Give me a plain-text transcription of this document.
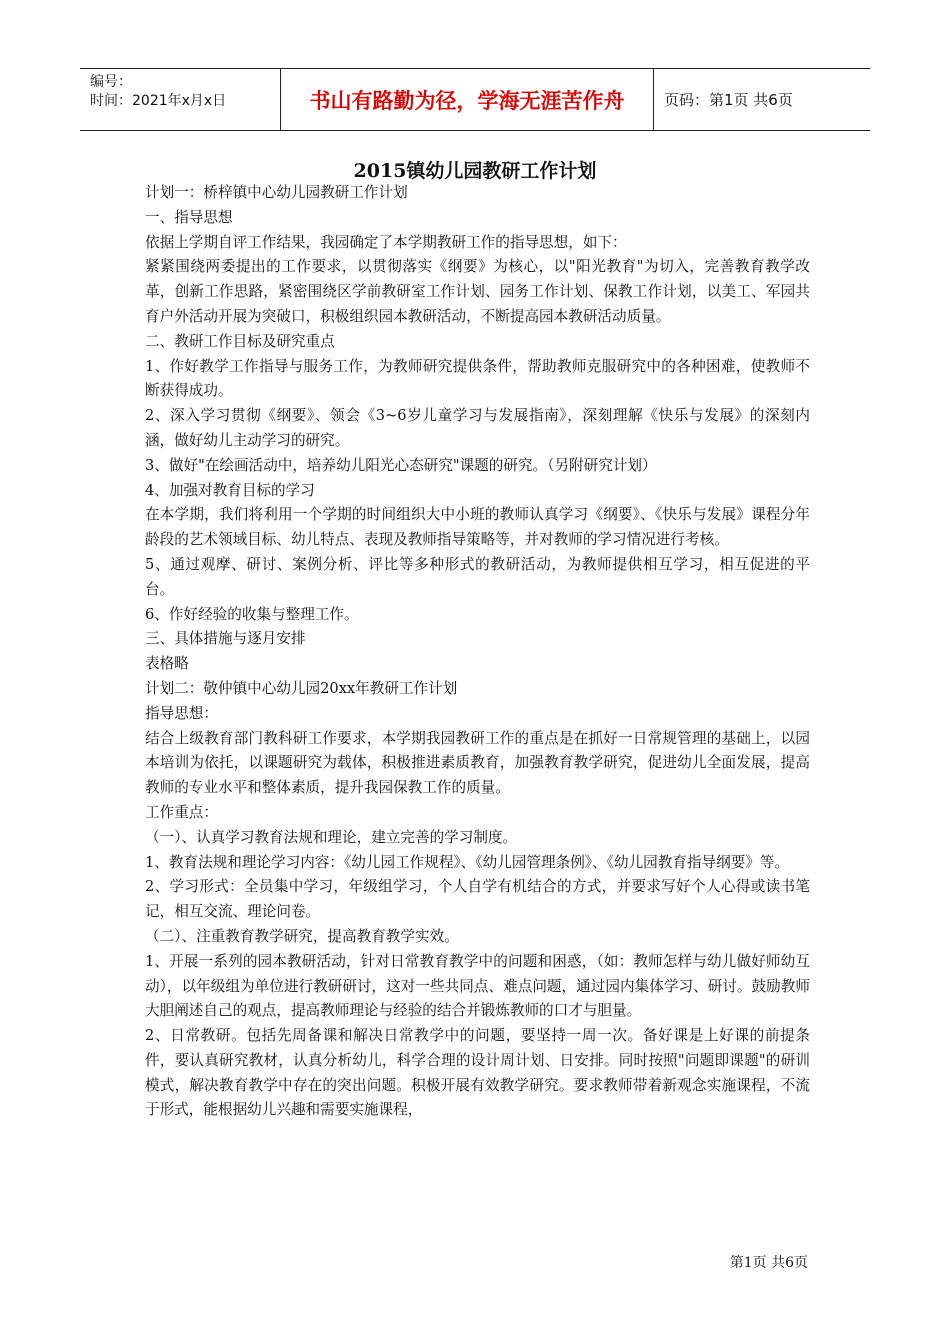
编号：
时间：2021年x月x日	书山有路勤为径，学海无涯苦作舟	页码：第1页 共6页
2015镇幼儿园教研工作计划

计划一：桥梓镇中心幼儿园教研工作计划

一、指导思想

依据上学期自评工作结果，我园确定了本学期教研工作的指导思想，如下：

紧紧围绕两委提出的工作要求，以贯彻落实《纲要》为核心，以"阳光教育"为切入，完善教育教学改革，创新工作思路，紧密围绕区学前教研室工作计划、园务工作计划、保教工作计划，以美工、军园共育户外活动开展为突破口，积极组织园本教研活动，不断提高园本教研活动质量。

二、教研工作目标及研究重点

1、作好教学工作指导与服务工作，为教师研究提供条件，帮助教师克服研究中的各种困难，使教师不断获得成功。

2、深入学习贯彻《纲要》、领会《3~6岁儿童学习与发展指南》，深刻理解《快乐与发展》的深刻内涵，做好幼儿主动学习的研究。

3、做好"在绘画活动中，培养幼儿阳光心态研究"课题的研究。（另附研究计划）

4、加强对教育目标的学习

在本学期，我们将利用一个学期的时间组织大中小班的教师认真学习《纲要》、《快乐与发展》课程分年龄段的艺术领域目标、幼儿特点、表现及教师指导策略等，并对教师的学习情况进行考核。

5、通过观摩、研讨、案例分析、评比等多种形式的教研活动，为教师提供相互学习，相互促进的平台。

6、作好经验的收集与整理工作。

三、具体措施与逐月安排

表格略

计划二：敬仲镇中心幼儿园20xx年教研工作计划

指导思想：

结合上级教育部门教科研工作要求，本学期我园教研工作的重点是在抓好一日常规管理的基础上，以园本培训为依托，以课题研究为载体，积极推进素质教育，加强教育教学研究，促进幼儿全面发展，提高教师的专业水平和整体素质，提升我园保教工作的质量。

工作重点：

（一）、认真学习教育法规和理论，建立完善的学习制度。

1、教育法规和理论学习内容：《幼儿园工作规程》、《幼儿园管理条例》、《幼儿园教育指导纲要》等。

2、学习形式：全员集中学习，年级组学习，个人自学有机结合的方式，并要求写好个人心得或读书笔记，相互交流、理论问卷。

（二）、注重教育教学研究，提高教育教学实效。

1、开展一系列的园本教研活动，针对日常教育教学中的问题和困惑，（如：教师怎样与幼儿做好师幼互动），以年级组为单位进行教研研讨，这对一些共同点、难点问题，通过园内集体学习、研讨。鼓励教师大胆阐述自己的观点，提高教师理论与经验的结合并锻炼教师的口才与胆量。

2、日常教研。包括先周备课和解决日常教学中的问题，要坚持一周一次。备好课是上好课的前提条件，要认真研究教材，认真分析幼儿，科学合理的设计周计划、日安排。同时按照"问题即课题"的研训模式，解决教育教学中存在的突出问题。积极开展有效教学研究。要求教师带着新观念实施课程，不流于形式，能根据幼儿兴趣和需要实施课程，

第1页 共6页
